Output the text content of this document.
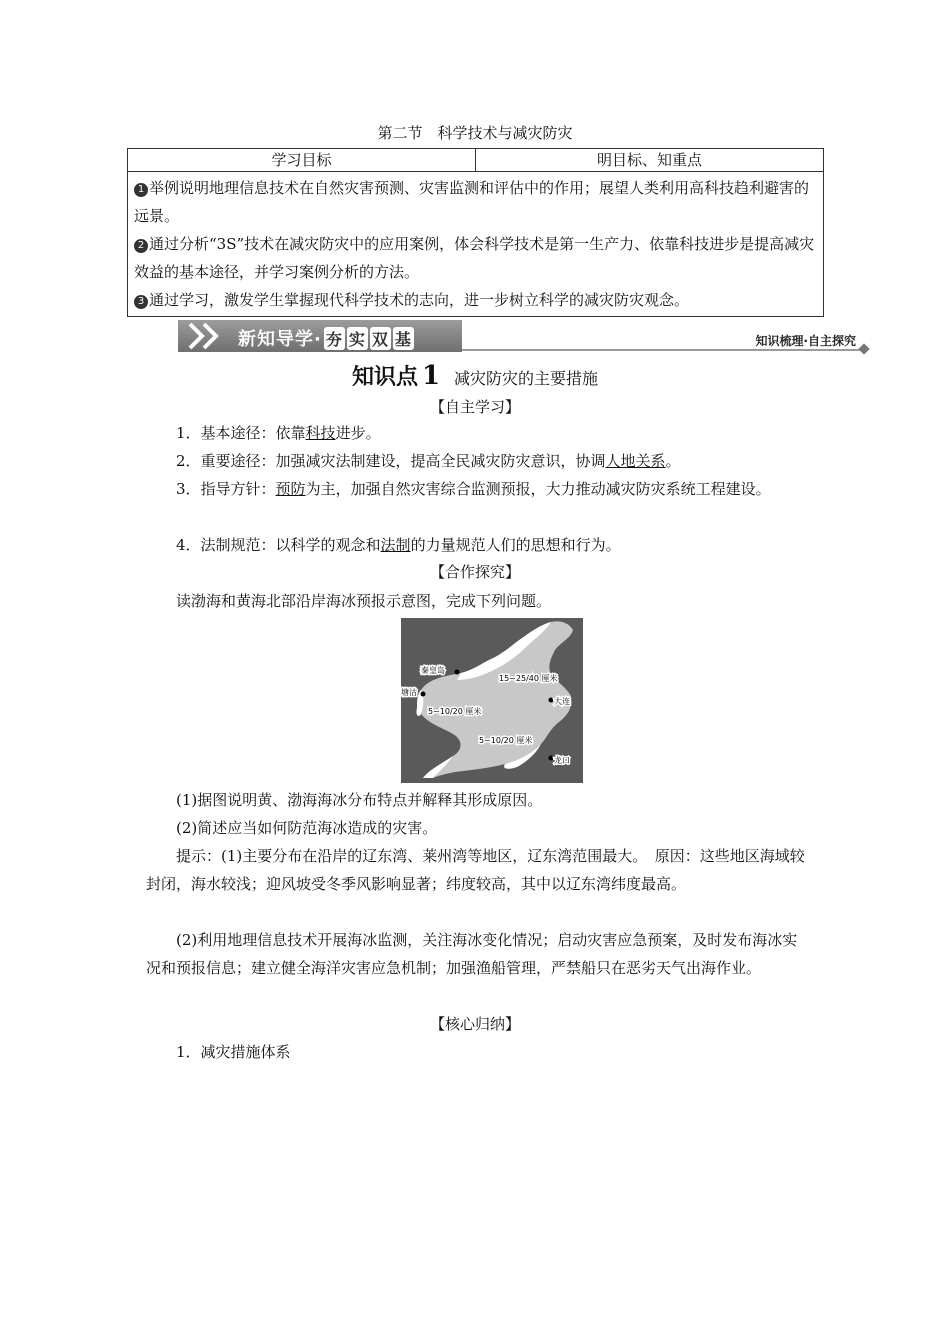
第二节　科学技术与减灾防灾
学习目标	明目标、知重点

1 举例说明地理信息技术在自然灾害预测、灾害监测和评估中的作用；展望人类利用高科技趋利避害的远景。
2 通过分析“3S”技术在减灾防灾中的应用案例，体会科学技术是第一生产力、依靠科技进步是提高减灾效益的基本途径，并学习案例分析的方法。
3 通过学习，激发学生掌握现代科学技术的志向，进一步树立科学的减灾防灾观念。
新知导学· 夯 实 双 基	知识梳理·自主探究
知识点 1 减灾防灾的主要措施
【自主学习】
1．基本途径：依靠科技进步。
2．重要途径：加强减灾法制建设，提高全民减灾防灾意识，协调人地关系。
3．指导方针：预防为主，加强自然灾害综合监测预报，大力推动减灾防灾系统工程建设。
4．法制规范：以科学的观念和法制的力量规范人们的思想和行为。
【合作探究】
读渤海和黄海北部沿岸海冰预报示意图，完成下列问题。
秦皇岛
15~25/40 厘米
大连
塘沽
5~10/20 厘米
5~10/20 厘米
龙口
(1)据图说明黄、渤海海冰分布特点并解释其形成原因。
(2)简述应当如何防范海冰造成的灾害。
提示：(1)主要分布在沿岸的辽东湾、莱州湾等地区，辽东湾范围最大。　原因：这些地区海域较封闭，海水较浅；迎风坡受冬季风影响显著；纬度较高，其中以辽东湾纬度最高。
(2)利用地理信息技术开展海冰监测，关注海冰变化情况；启动灾害应急预案，及时发布海冰实况和预报信息；建立健全海洋灾害应急机制；加强渔船管理，严禁船只在恶劣天气出海作业。
【核心归纳】
1．减灾措施体系
